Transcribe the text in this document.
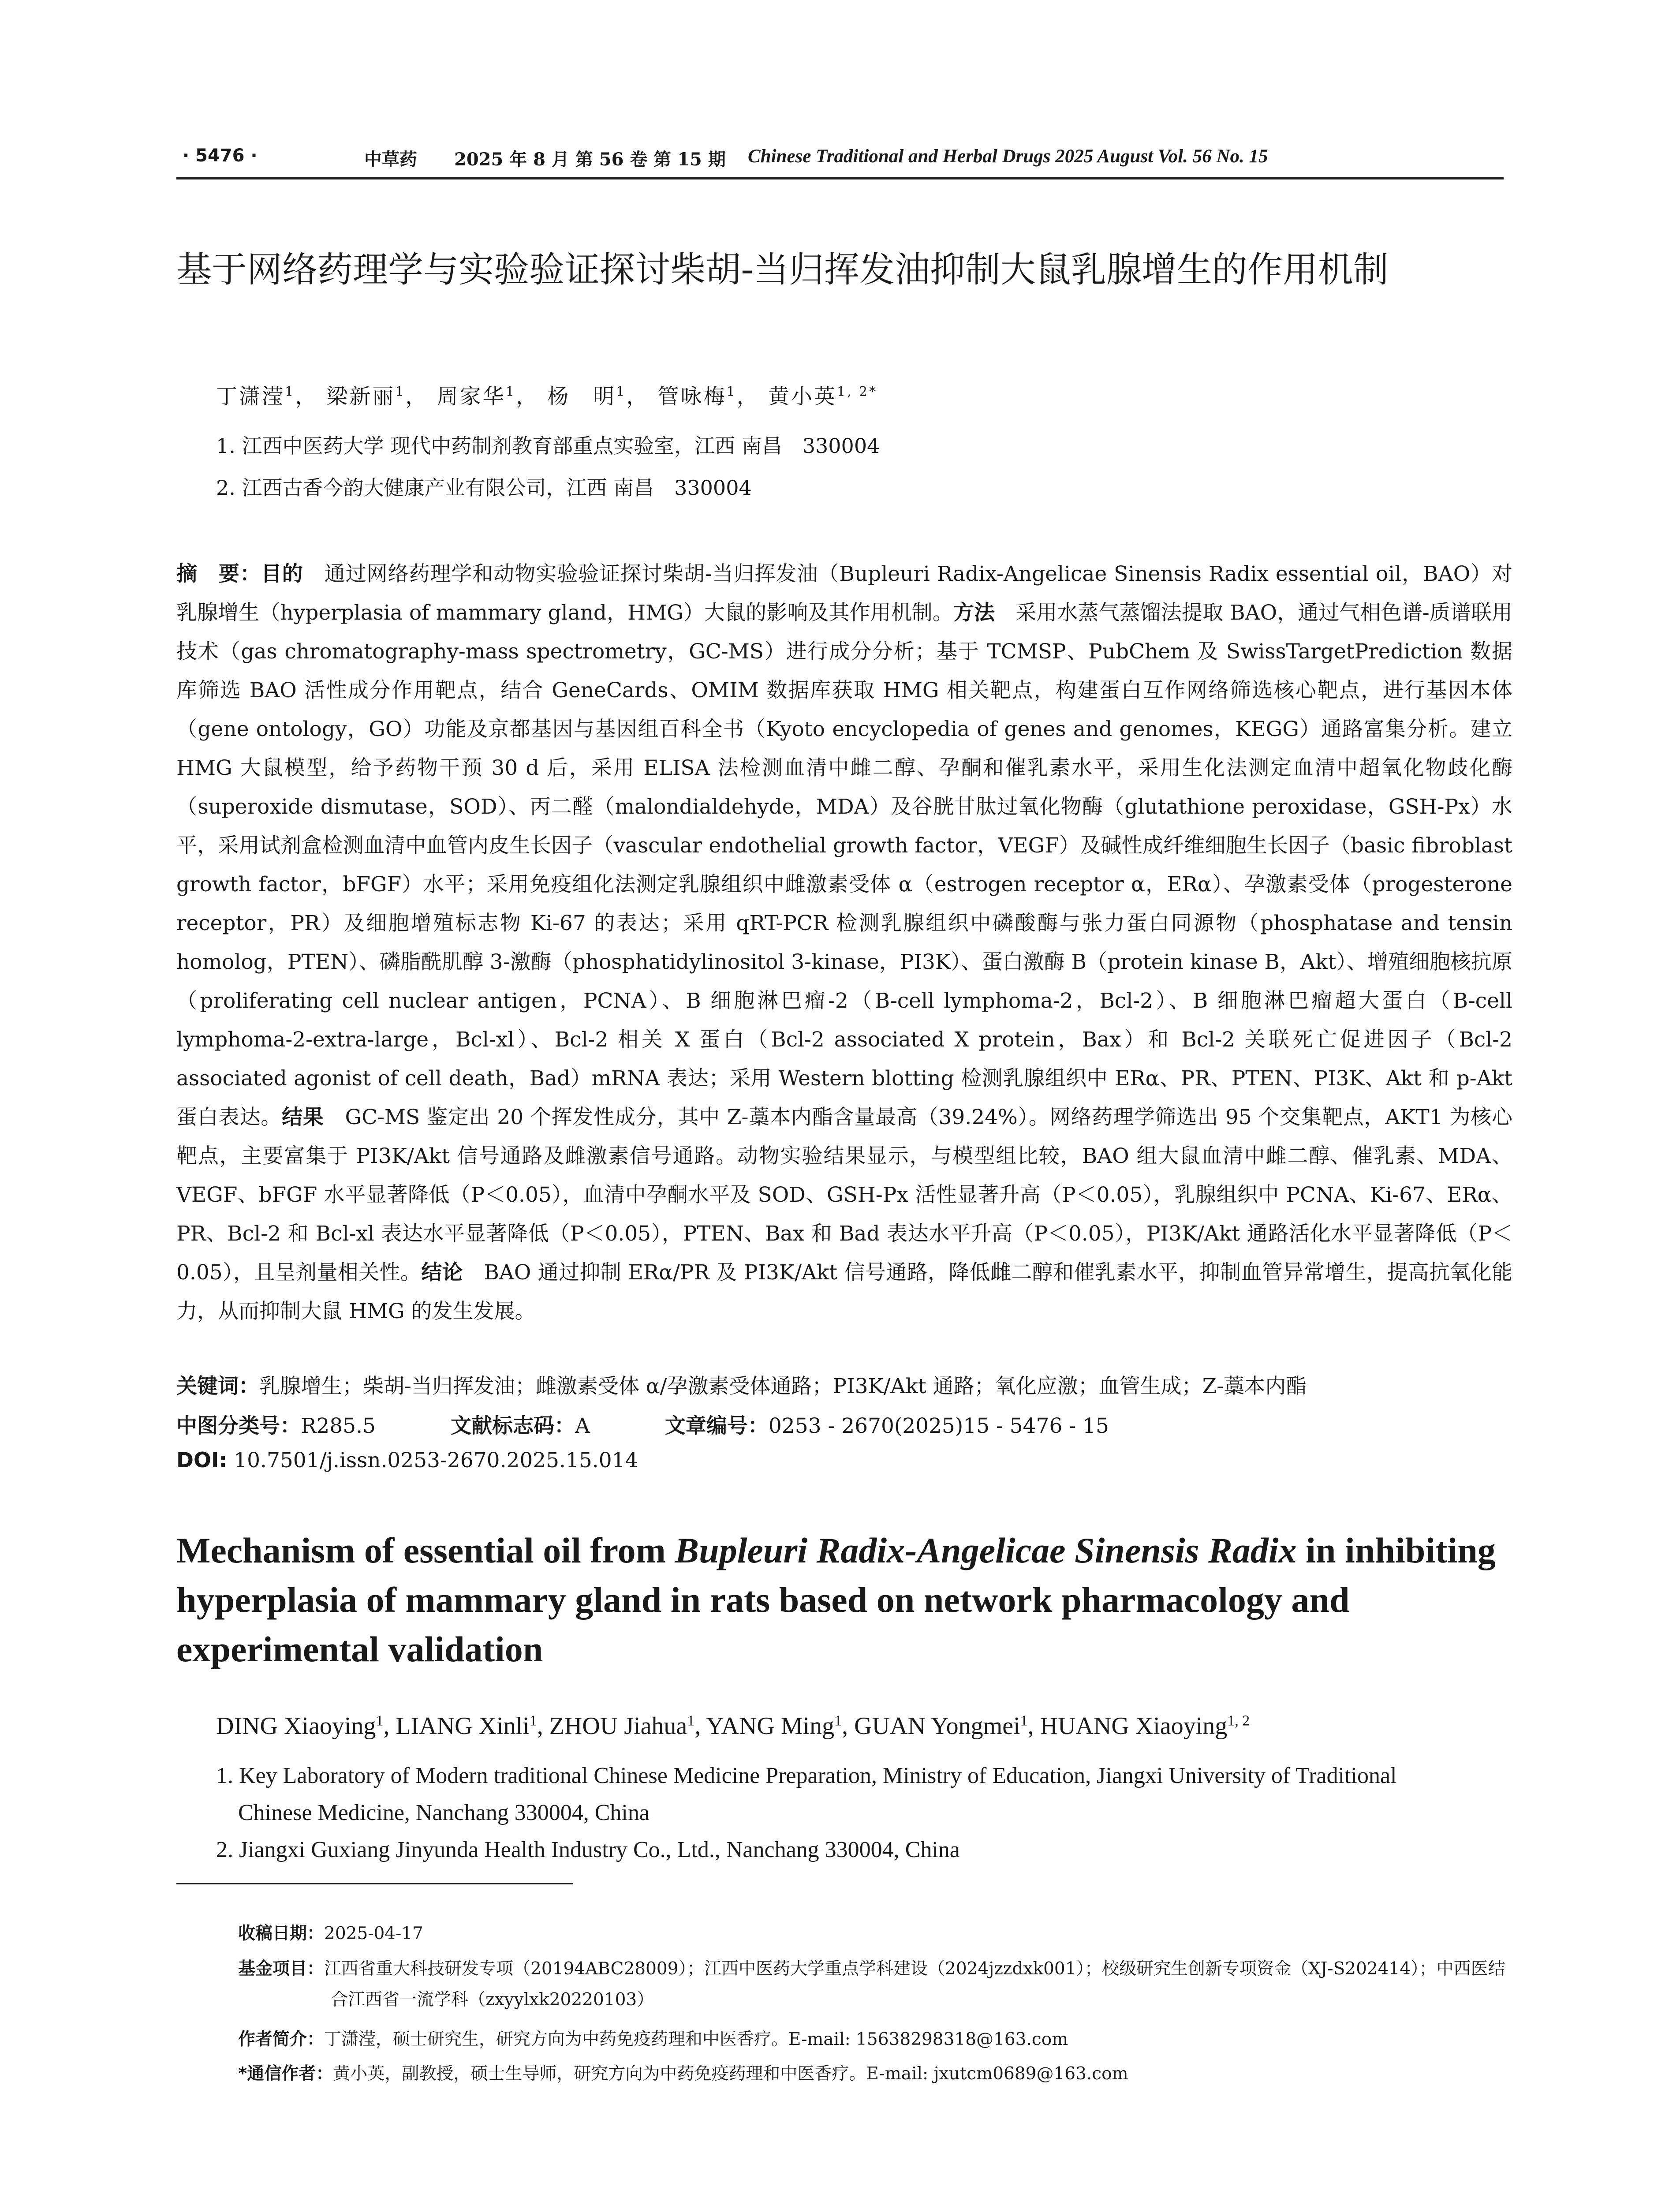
· 5476 ·	中草药 2025 年 8 月 第 56 卷 第 15 期 Chinese Traditional and Herbal Drugs 2025 August Vol. 56 No. 15
基于网络药理学与实验验证探讨柴胡-当归挥发油抑制大鼠乳腺增生的作用机制
丁潇滢$^1$， 梁新丽$^1$， 周家华$^1$， 杨　明$^1$， 管咏梅$^1$， 黄小英$^{1, 2*}$
1. 江西中医药大学 现代中药制剂教育部重点实验室，江西 南昌　330004
2. 江西古香今韵大健康产业有限公司，江西 南昌　330004
摘　要：目的　 通过网络药理学和动物实验验证探讨柴胡-当归挥发油（Bupleuri Radix-Angelicae Sinensis Radix essential oil，BAO）对乳腺增生（hyperplasia of mammary gland，HMG）大鼠的影响及其作用机制。方法　 采用水蒸气蒸馏法提取 BAO，通过气相色谱-质谱联用技术（gas chromatography-mass spectrometry，GC-MS）进行成分分析；基于 TCMSP、PubChem 及 SwissTargetPrediction 数据库筛选 BAO 活性成分作用靶点，结合 GeneCards、OMIM 数据库获取 HMG 相关靶点，构建蛋白互作网络筛选核心靶点，进行基因本体（gene ontology，GO）功能及京都基因与基因组百科全书（Kyoto encyclopedia of genes and genomes，KEGG）通路富集分析。建立 HMG 大鼠模型，给予药物干预 30 d 后，采用 ELISA 法检测血清中雌二醇、孕酮和催乳素水平，采用生化法测定血清中超氧化物歧化酶（superoxide dismutase，SOD）、丙二醛（malondialdehyde，MDA）及谷胱甘肽过氧化物酶（glutathione peroxidase，GSH-Px）水平，采用试剂盒检测血清中血管内皮生长因子（vascular endothelial growth factor，VEGF）及碱性成纤维细胞生长因子（basic fibroblast growth factor，bFGF）水平；采用免疫组化法测定乳腺组织中雌激素受体 α（estrogen receptor α，ERα）、孕激素受体（progesterone receptor，PR）及细胞增殖标志物 Ki-67 的表达；采用 qRT-PCR 检测乳腺组织中磷酸酶与张力蛋白同源物（phosphatase and tensin homolog，PTEN）、磷脂酰肌醇 3-激酶（phosphatidylinositol 3-kinase，PI3K）、蛋白激酶 B（protein kinase B，Akt）、增殖细胞核抗原（proliferating cell nuclear antigen，PCNA）、B 细胞淋巴瘤-2（B-cell lymphoma-2，Bcl-2）、B 细胞淋巴瘤超大蛋白（B-cell lymphoma-2-extra-large，Bcl-xl）、Bcl-2 相关 X 蛋白（Bcl-2 associated X protein，Bax）和 Bcl-2 关联死亡促进因子（Bcl-2 associated agonist of cell death，Bad）mRNA 表达；采用 Western blotting 检测乳腺组织中 ERα、PR、PTEN、PI3K、Akt 和 p-Akt 蛋白表达。结果　 GC-MS 鉴定出 20 个挥发性成分，其中 Z-藁本内酯含量最高（39.24%）。网络药理学筛选出 95 个交集靶点，AKT1 为核心靶点，主要富集于 PI3K/Akt 信号通路及雌激素信号通路。动物实验结果显示，与模型组比较，BAO 组大鼠血清中雌二醇、催乳素、MDA、VEGF、bFGF 水平显著降低（P＜0.05），血清中孕酮水平及 SOD、GSH-Px 活性显著升高（P＜0.05），乳腺组织中 PCNA、Ki-67、ERα、PR、Bcl-2 和 Bcl-xl 表达水平显著降低（P＜0.05），PTEN、Bax 和 Bad 表达水平升高（P＜0.05），PI3K/Akt 通路活化水平显著降低（P＜0.05），且呈剂量相关性。结论　 BAO 通过抑制 ERα/PR 及 PI3K/Akt 信号通路，降低雌二醇和催乳素水平，抑制血管异常增生，提高抗氧化能力，从而抑制大鼠 HMG 的发生发展。
关键词：乳腺增生；柴胡-当归挥发油；雌激素受体 α/孕激素受体通路；PI3K/Akt 通路；氧化应激；血管生成；Z-藁本内酯
中图分类号：R285.5	文献标志码：A	文章编号：0253 - 2670(2025)15 - 5476 - 15
DOI: 10.7501/j.issn.0253-2670.2025.15.014
Mechanism of essential oil from Bupleuri Radix-Angelicae Sinensis Radix in inhibiting hyperplasia of mammary gland in rats based on network pharmacology and experimental validation
DING Xiaoying$^1$, LIANG Xinli$^1$, ZHOU Jiahua$^1$, YANG Ming$^1$, GUAN Yongmei$^1$, HUANG Xiaoying$^{1, 2}$
1. Key Laboratory of Modern traditional Chinese Medicine Preparation, Ministry of Education, Jiangxi University of Traditional
Chinese Medicine, Nanchang 330004, China
2. Jiangxi Guxiang Jinyunda Health Industry Co., Ltd., Nanchang 330004, China
收稿日期：2025-04-17
基金项目：江西省重大科技研发专项（20194ABC28009）；江西中医药大学重点学科建设（2024jzzdxk001）；校级研究生创新专项资金（XJ-S202414）；中西医结合江西省一流学科（zxyylxk20220103）
作者简介：丁潇滢，硕士研究生，研究方向为中药免疫药理和中医香疗。E-mail: 15638298318@163.com
*通信作者：黄小英，副教授，硕士生导师，研究方向为中药免疫药理和中医香疗。E-mail: jxutcm0689@163.com
